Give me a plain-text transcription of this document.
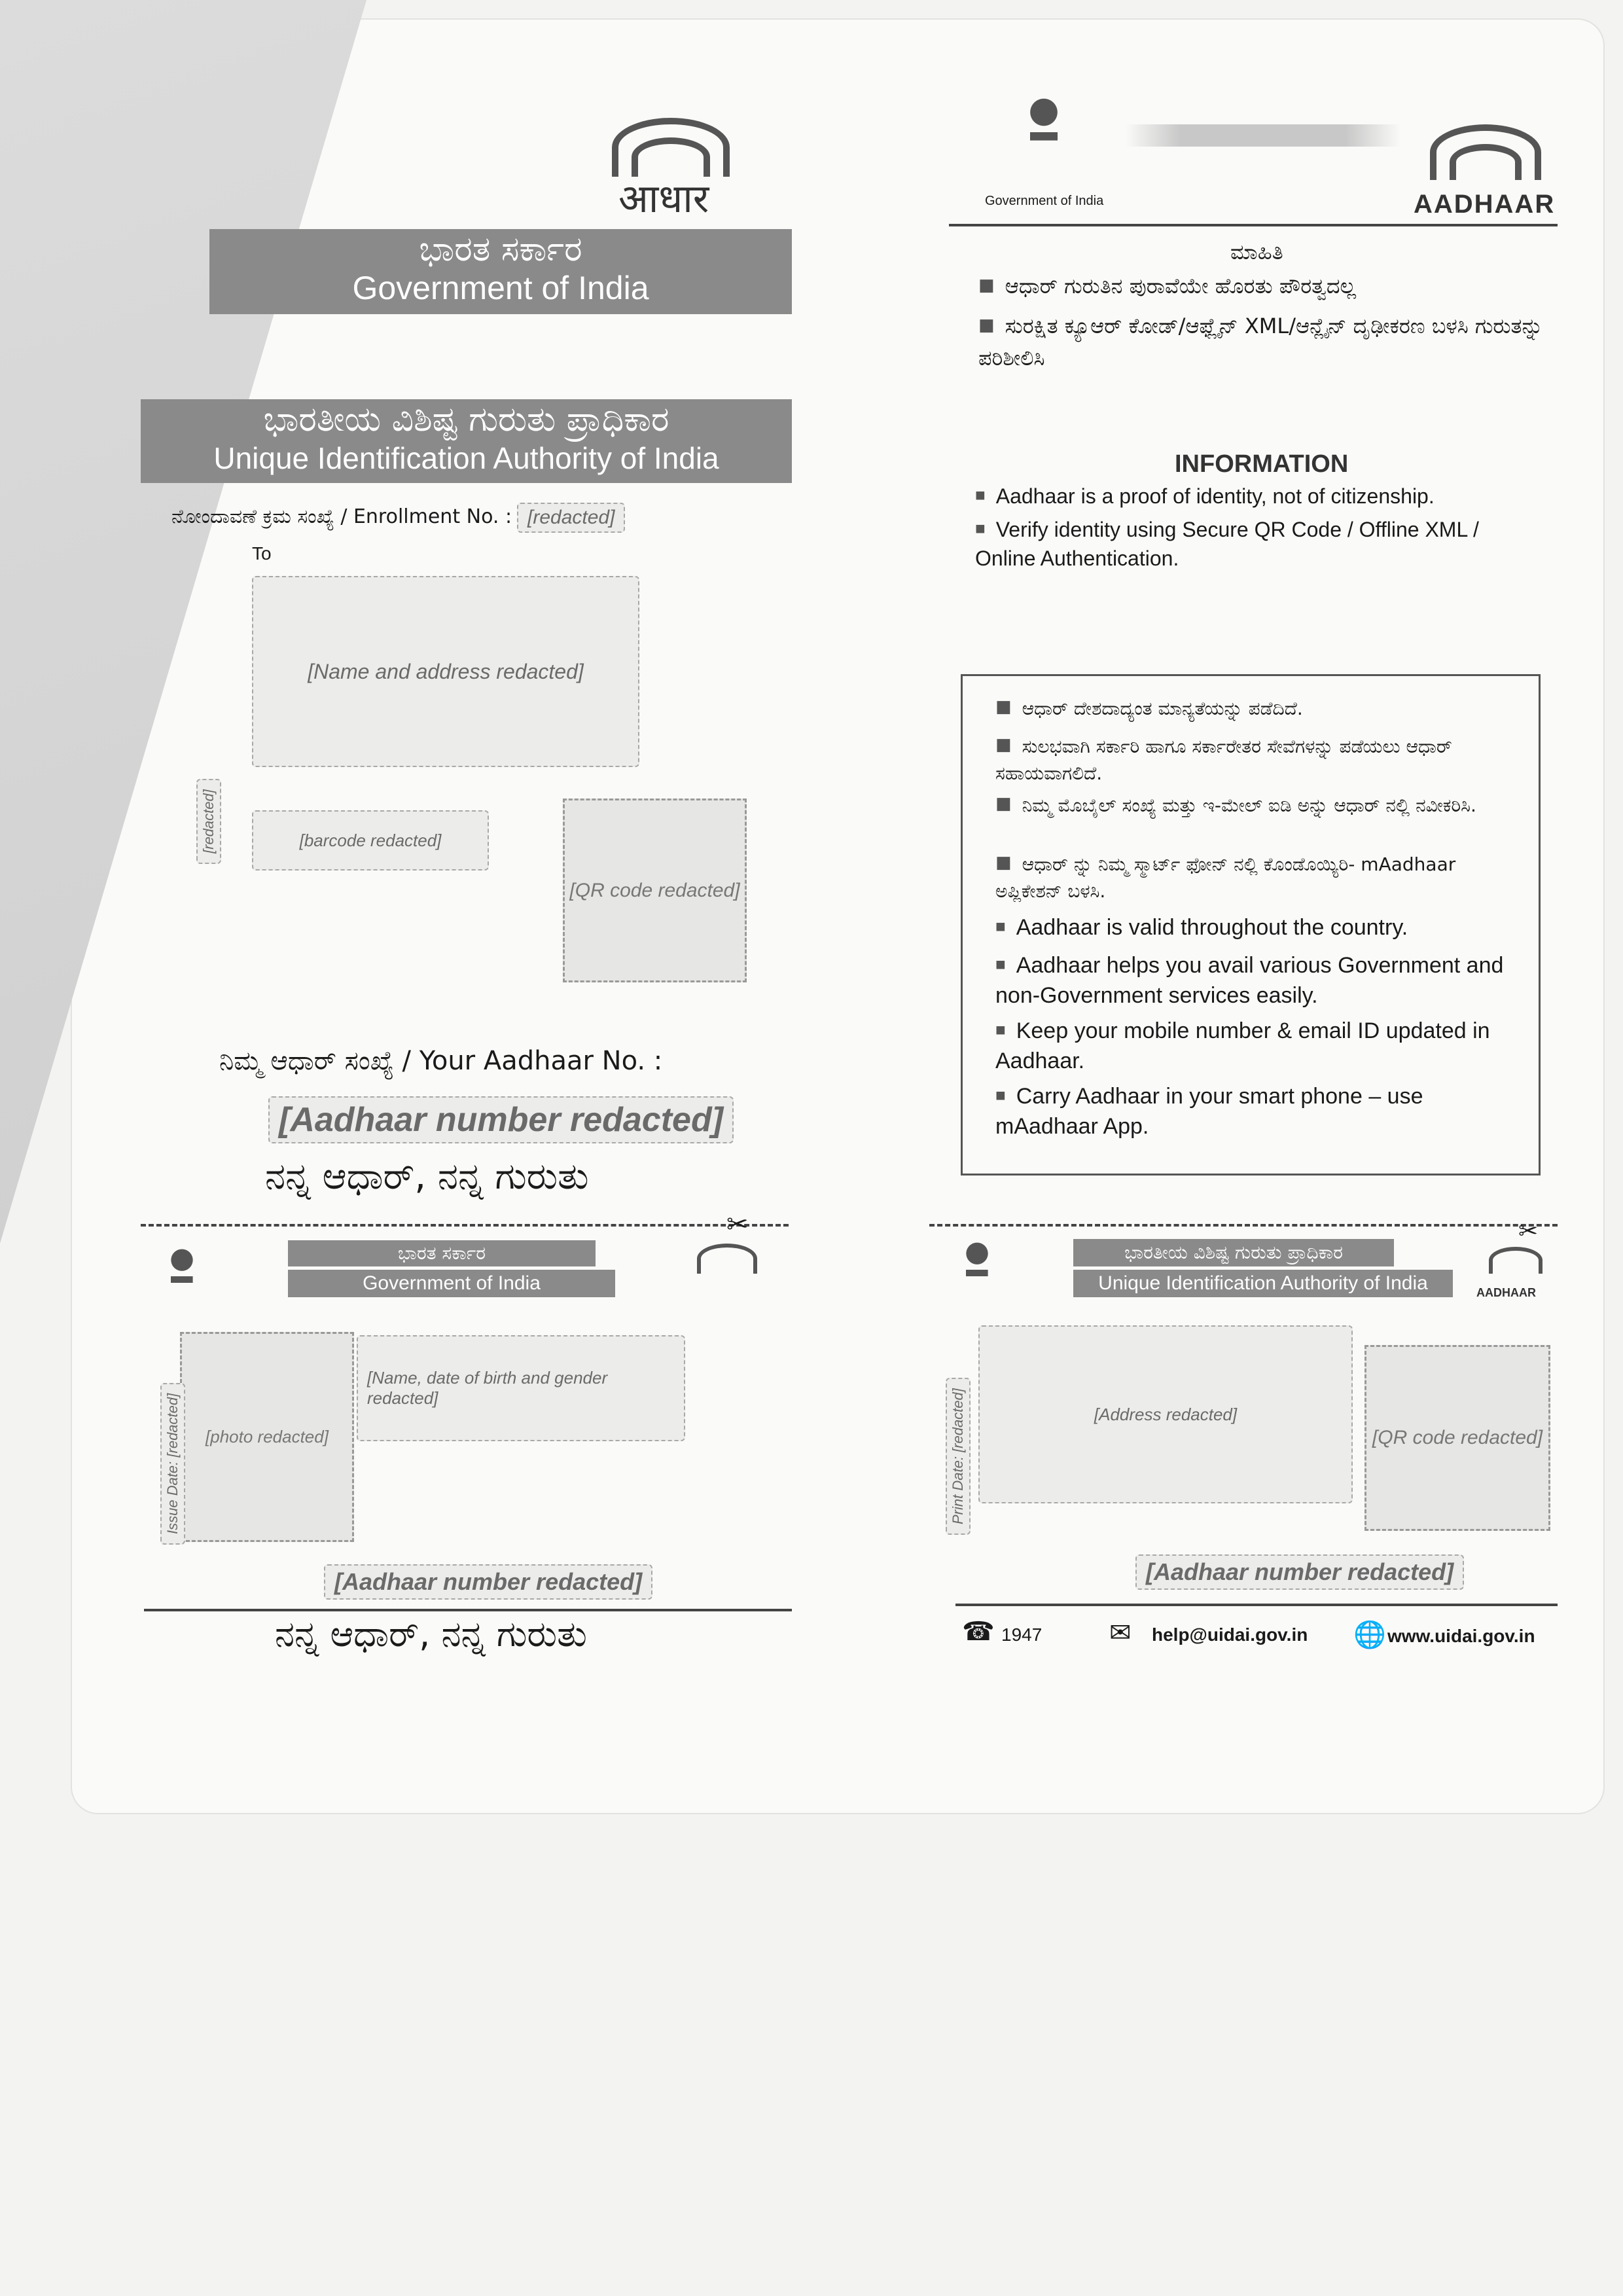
आधार
ಭಾರತ ಸರ್ಕಾರ
Government of India
ಭಾರತೀಯ ವಿಶಿಷ್ಟ ಗುರುತು ಪ್ರಾಧಿಕಾರ
Unique Identification Authority of India
ನೋಂದಾವಣೆ ಕ್ರಮ ಸಂಖ್ಯೆ / Enrollment No. : [redacted]
To
[Name and address redacted]
[redacted]	[barcode redacted]
[QR code redacted]
ನಿಮ್ಮ ಆಧಾರ್ ಸಂಖ್ಯೆ / Your Aadhaar No. :
[Aadhaar number redacted]
ನನ್ನ ಆಧಾರ್, ನನ್ನ ಗುರುತು
Government of India	AADHAAR
ಮಾಹಿತಿ
■ ಆಧಾರ್ ಗುರುತಿನ ಪುರಾವೆಯೇ ಹೊರತು ಪೌರತ್ವದಲ್ಲ
■ ಸುರಕ್ಷಿತ ಕ್ಯೂಆರ್ ಕೋಡ್/ಆಫ್ಲೈನ್ XML/ಆನ್ಲೈನ್ ದೃಢೀಕರಣ ಬಳಸಿ ಗುರುತನ್ನು ಪರಿಶೀಲಿಸಿ
INFORMATION
■ Aadhaar is a proof of identity, not of citizenship.
■ Verify identity using Secure QR Code / Offline XML / Online Authentication.
■ ಆಧಾರ್ ದೇಶದಾದ್ಯಂತ ಮಾನ್ಯತೆಯನ್ನು ಪಡೆದಿದೆ.
■ ಸುಲಭವಾಗಿ ಸರ್ಕಾರಿ ಹಾಗೂ ಸರ್ಕಾರೇತರ ಸೇವೆಗಳನ್ನು ಪಡೆಯಲು ಆಧಾರ್ ಸಹಾಯವಾಗಲಿದೆ.
■ ನಿಮ್ಮ ಮೊಬೈಲ್ ಸಂಖ್ಯೆ ಮತ್ತು ಇ-ಮೇಲ್ ಐಡಿ ಅನ್ನು ಆಧಾರ್ ನಲ್ಲಿ ನವೀಕರಿಸಿ.
■ ಆಧಾರ್ ನ್ನು ನಿಮ್ಮ ಸ್ಮಾರ್ಟ್ ಫೋನ್ ನಲ್ಲಿ ಕೊಂಡೊಯ್ಯಿರಿ- mAadhaar ಅಪ್ಲಿಕೇಶನ್ ಬಳಸಿ.
■ Aadhaar is valid throughout the country.
■ Aadhaar helps you avail various Government and non-Government services easily.
■ Keep your mobile number & email ID updated in Aadhaar.
■ Carry Aadhaar in your smart phone – use mAadhaar App.
✂
ಭಾರತ ಸರ್ಕಾರ
Government of India
[photo redacted]
Issue Date: [redacted]
[Name, date of birth and gender redacted]
[Aadhaar number redacted]
ನನ್ನ ಆಧಾರ್, ನನ್ನ ಗುರುತು
✂
ಭಾರತೀಯ ವಿಶಿಷ್ಟ ಗುರುತು ಪ್ರಾಧಿಕಾರ
Unique Identification Authority of India	AADHAAR
Print Date: [redacted]	[Address redacted]
[QR code redacted]
[Aadhaar number redacted]
☎ 1947	✉ help@uidai.gov.in 🌐 www.uidai.gov.in
